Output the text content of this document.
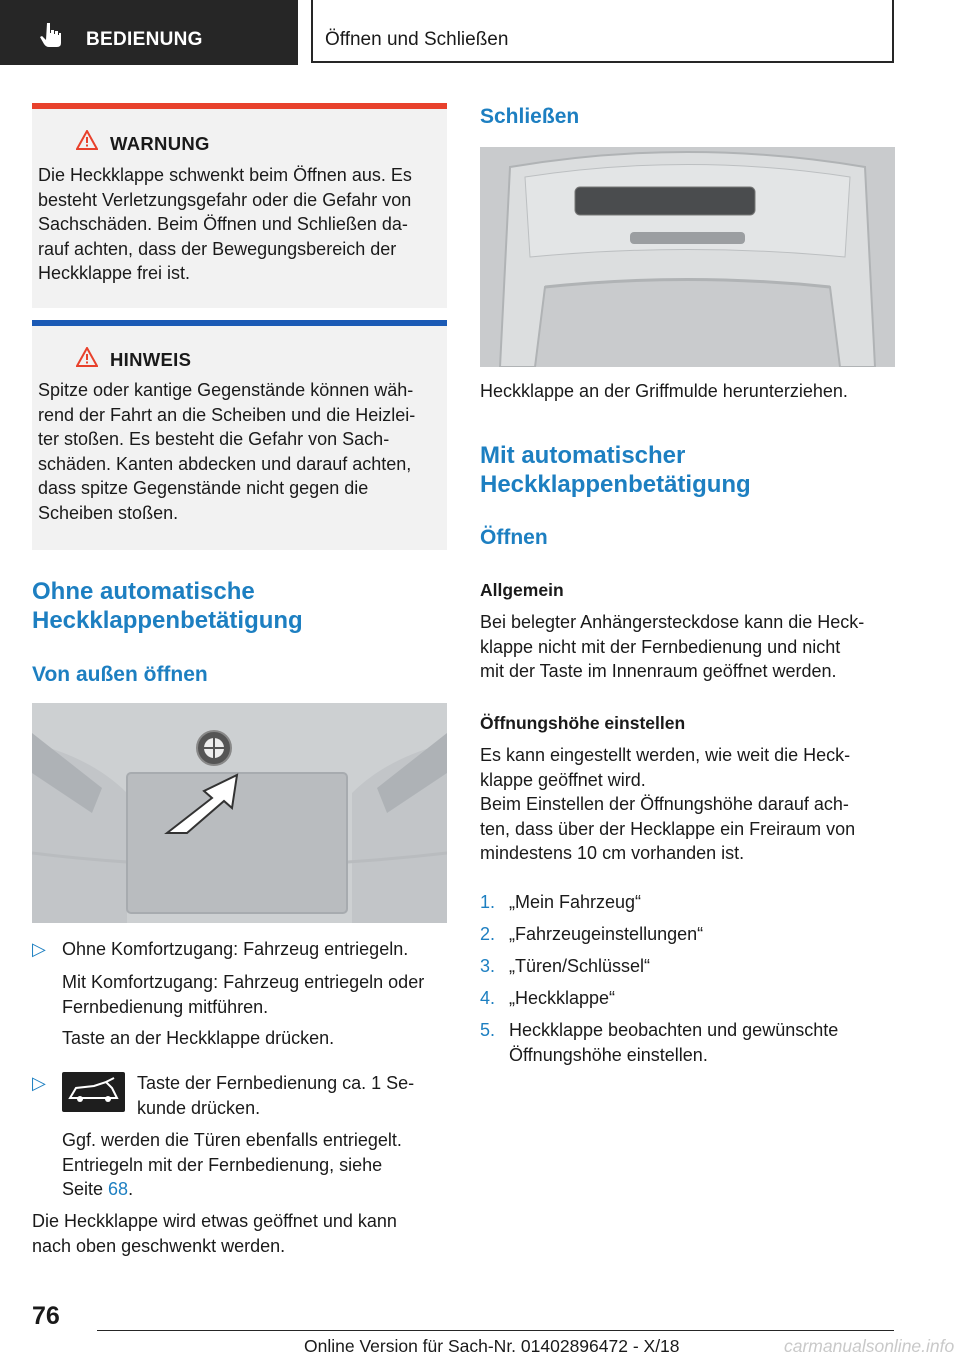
BEDIENUNG	Öffnen und Schließen
WARNUNG
Die Heckklappe schwenkt beim Öffnen aus. Es
besteht Verletzungsgefahr oder die Gefahr von
Sachschäden. Beim Öffnen und Schließen da-
rauf achten, dass der Bewegungsbereich der
Heckklappe frei ist.
HINWEIS
Spitze oder kantige Gegenstände können wäh-
rend der Fahrt an die Scheiben und die Heizlei-
ter stoßen. Es besteht die Gefahr von Sach-
schäden. Kanten abdecken und darauf achten,
dass spitze Gegenstände nicht gegen die
Scheiben stoßen.
Ohne automatische
Heckklappenbetätigung
Von außen öffnen
▷ Ohne Komfortzugang: Fahrzeug entriegeln.
Mit Komfortzugang: Fahrzeug entriegeln oder
Fernbedienung mitführen.
Taste an der Heckklappe drücken.
▷	Taste der Fernbedienung ca. 1 Se-
kunde drücken.
Ggf. werden die Türen ebenfalls entriegelt.
Entriegeln mit der Fernbedienung, siehe
Seite 68.
Die Heckklappe wird etwas geöffnet und kann
nach oben geschwenkt werden.
Schließen
Heckklappe an der Griffmulde herunterziehen.
Mit automatischer
Heckklappenbetätigung
Öffnen
Allgemein
Bei belegter Anhängersteckdose kann die Heck-
klappe nicht mit der Fernbedienung und nicht
mit der Taste im Innenraum geöffnet werden.
Öffnungshöhe einstellen
Es kann eingestellt werden, wie weit die Heck-
klappe geöffnet wird.
Beim Einstellen der Öffnungshöhe darauf ach-
ten, dass über der Hecklappe ein Freiraum von
mindestens 10 cm vorhanden ist.
1. „Mein Fahrzeug“
2. „Fahrzeugeinstellungen“
3. „Türen/Schlüssel“
4. „Heckklappe“
5. Heckklappe beobachten und gewünschte
Öffnungshöhe einstellen.
76
Online Version für Sach-Nr. 01402896472 - X/18	carmanualsonline.info
